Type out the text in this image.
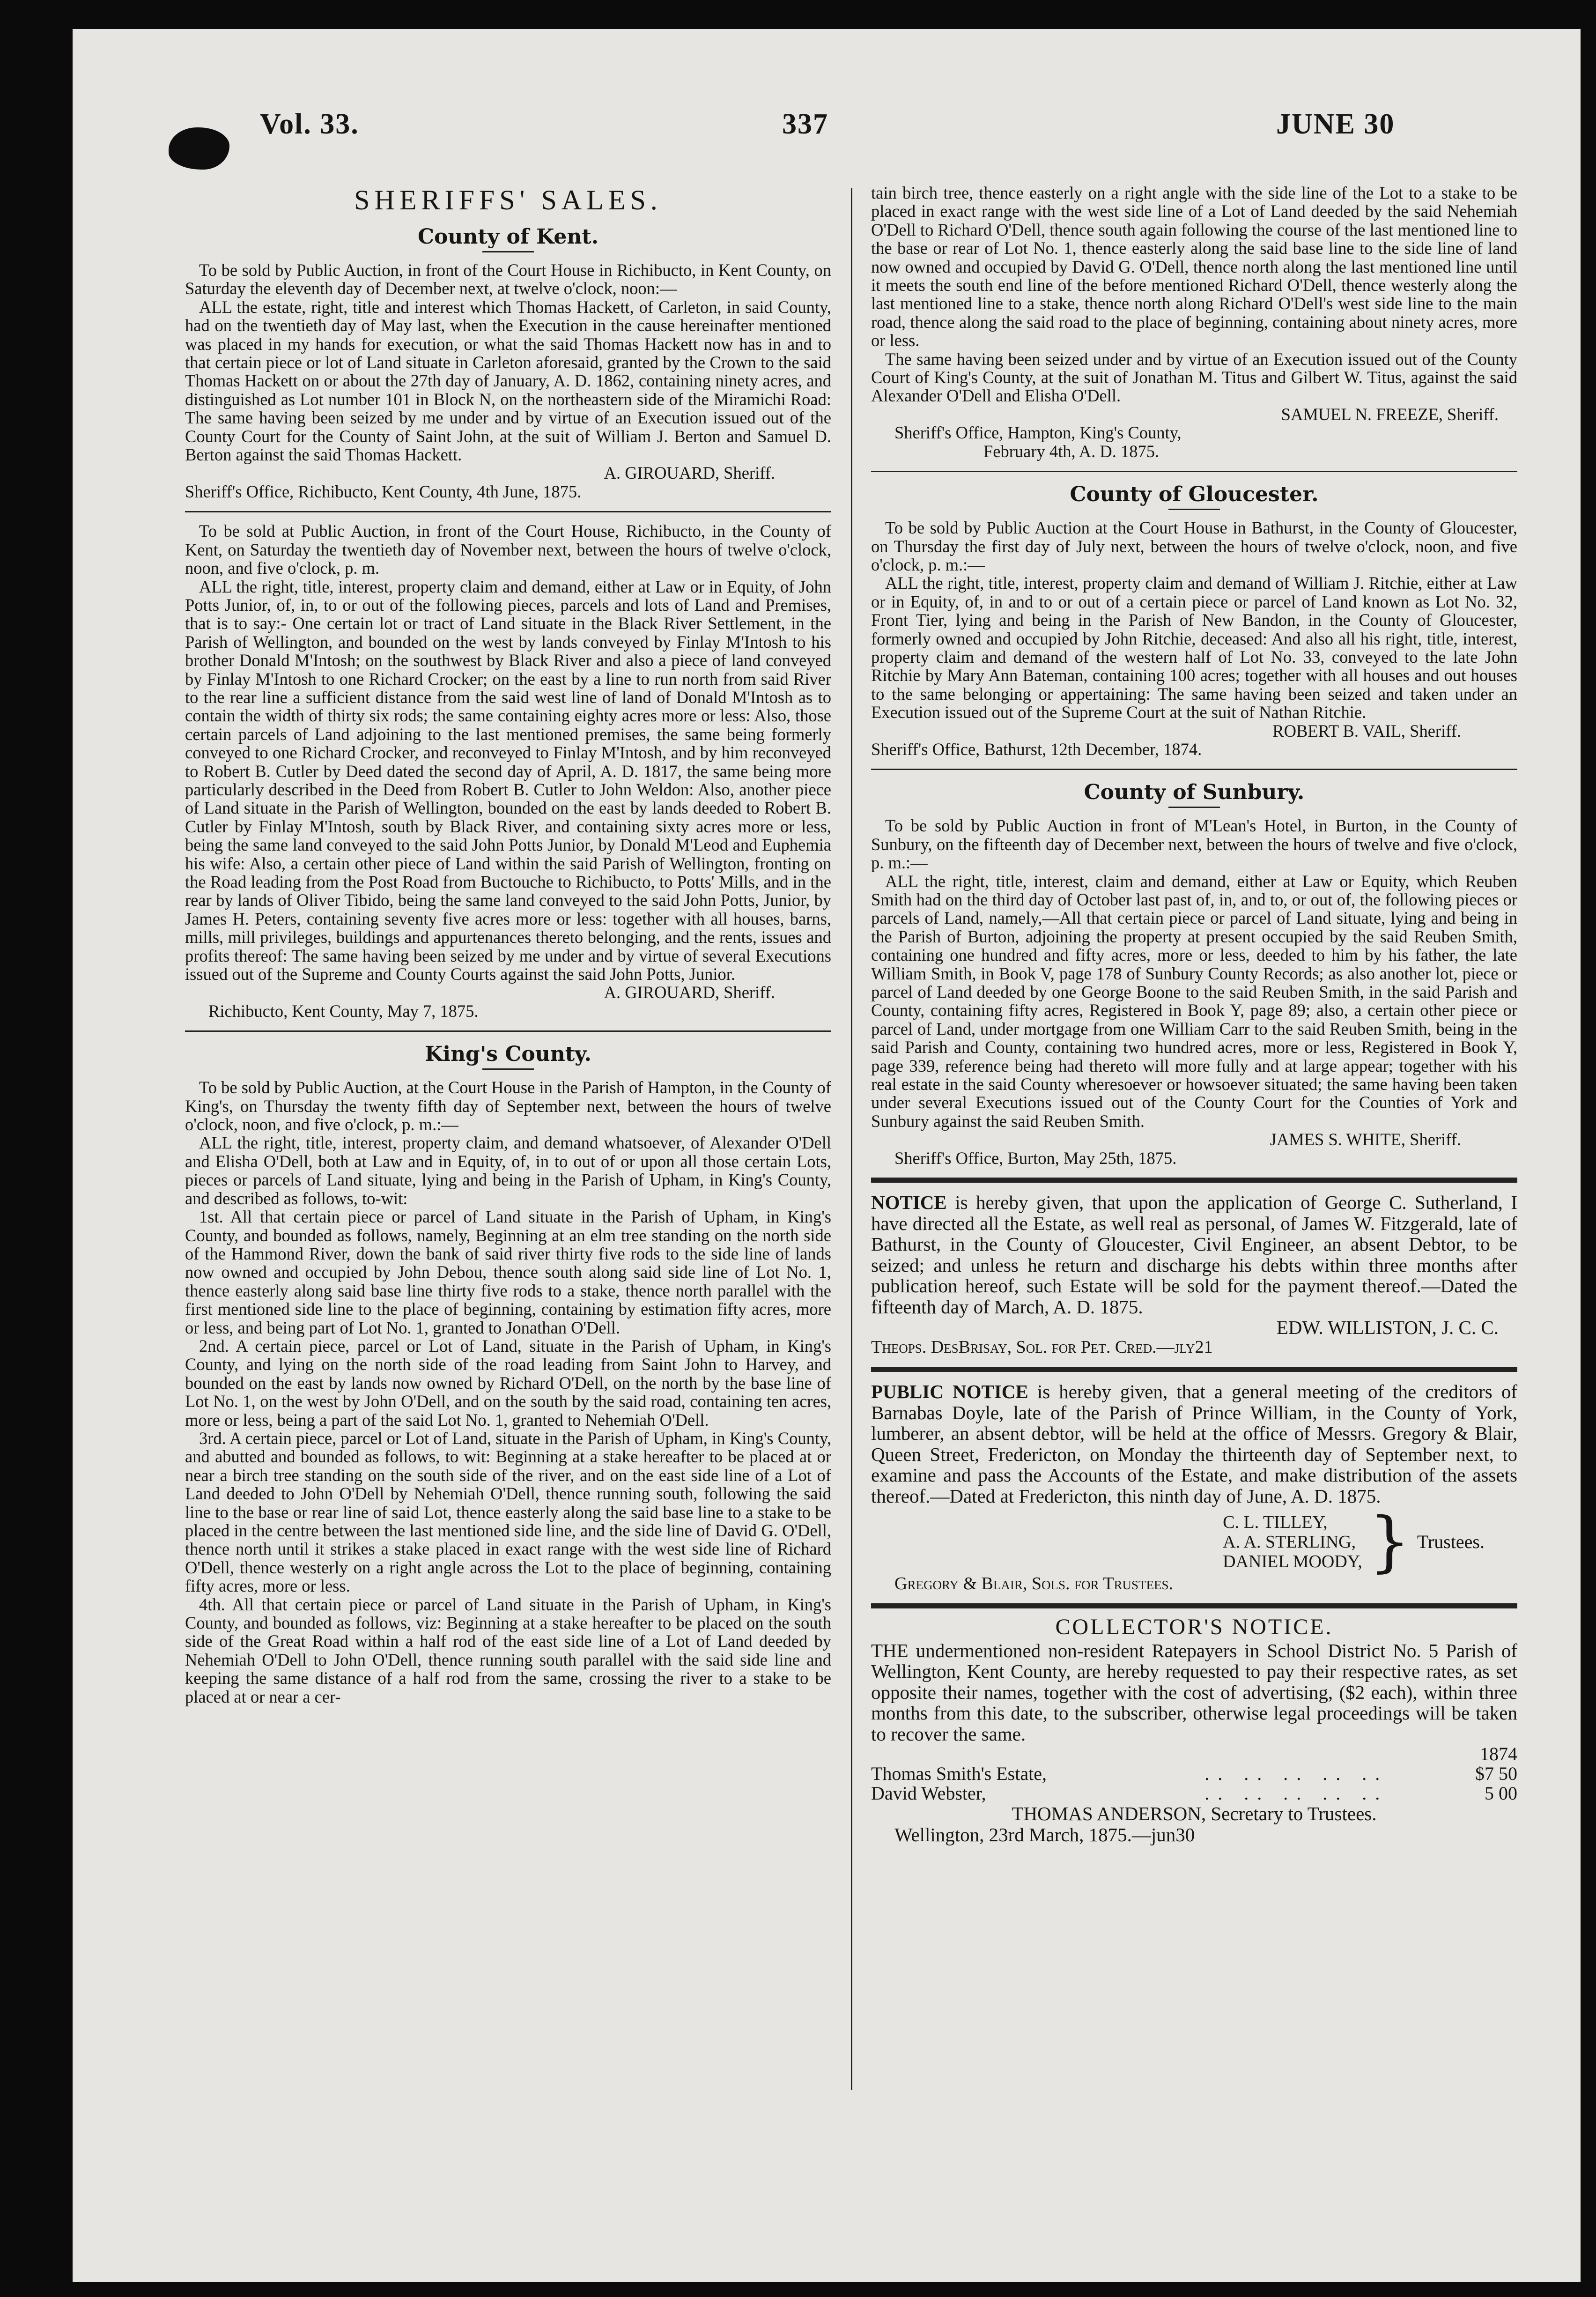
Vol. 33.	337	JUNE 30
SHERIFFS' SALES.
County of Kent.

To be sold by Public Auction, in front of the Court House in Richibucto, in Kent County, on Saturday the eleventh day of December next, at twelve o'clock, noon:—

ALL the estate, right, title and interest which Thomas Hackett, of Carleton, in said County, had on the twentieth day of May last, when the Execution in the cause hereinafter mentioned was placed in my hands for execution, or what the said Thomas Hackett now has in and to that certain piece or lot of Land situate in Carleton aforesaid, granted by the Crown to the said Thomas Hackett on or about the 27th day of January, A. D. 1862, containing ninety acres, and distinguished as Lot number 101 in Block N, on the northeastern side of the Miramichi Road: The same having been seized by me under and by virtue of an Execution issued out of the County Court for the County of Saint John, at the suit of William J. Berton and Samuel D. Berton against the said Thomas Hackett.

A. GIROUARD, Sheriff.

Sheriff's Office, Richibucto, Kent County, 4th June, 1875.

To be sold at Public Auction, in front of the Court House, Richibucto, in the County of Kent, on Saturday the twentieth day of November next, between the hours of twelve o'clock, noon, and five o'clock, p. m.

ALL the right, title, interest, property claim and demand, either at Law or in Equity, of John Potts Junior, of, in, to or out of the following pieces, parcels and lots of Land and Premises, that is to say:- One certain lot or tract of Land situate in the Black River Settlement, in the Parish of Wellington, and bounded on the west by lands conveyed by Finlay M'Intosh to his brother Donald M'Intosh; on the southwest by Black River and also a piece of land conveyed by Finlay M'Intosh to one Richard Crocker; on the east by a line to run north from said River to the rear line a sufficient distance from the said west line of land of Donald M'Intosh as to contain the width of thirty six rods; the same containing eighty acres more or less: Also, those certain parcels of Land adjoining to the last mentioned premises, the same being formerly conveyed to one Richard Crocker, and reconveyed to Finlay M'Intosh, and by him reconveyed to Robert B. Cutler by Deed dated the second day of April, A. D. 1817, the same being more particularly described in the Deed from Robert B. Cutler to John Weldon: Also, another piece of Land situate in the Parish of Wellington, bounded on the east by lands deeded to Robert B. Cutler by Finlay M'Intosh, south by Black River, and containing sixty acres more or less, being the same land conveyed to the said John Potts Junior, by Donald M'Leod and Euphemia his wife: Also, a certain other piece of Land within the said Parish of Wellington, fronting on the Road leading from the Post Road from Buctouche to Richibucto, to Potts' Mills, and in the rear by lands of Oliver Tibido, being the same land conveyed to the said John Potts, Junior, by James H. Peters, containing seventy five acres more or less: together with all houses, barns, mills, mill privileges, buildings and appurtenances thereto belonging, and the rents, issues and profits thereof: The same having been seized by me under and by virtue of several Executions issued out of the Supreme and County Courts against the said John Potts, Junior.

A. GIROUARD, Sheriff.

Richibucto, Kent County, May 7, 1875.

King's County.

To be sold by Public Auction, at the Court House in the Parish of Hampton, in the County of King's, on Thursday the twenty fifth day of September next, between the hours of twelve o'clock, noon, and five o'clock, p. m.:—

ALL the right, title, interest, property claim, and demand whatsoever, of Alexander O'Dell and Elisha O'Dell, both at Law and in Equity, of, in to out of or upon all those certain Lots, pieces or parcels of Land situate, lying and being in the Parish of Upham, in King's County, and described as follows, to-wit:

1st. All that certain piece or parcel of Land situate in the Parish of Upham, in King's County, and bounded as follows, namely, Beginning at an elm tree standing on the north side of the Hammond River, down the bank of said river thirty five rods to the side line of lands now owned and occupied by John Debou, thence south along said side line of Lot No. 1, thence easterly along said base line thirty five rods to a stake, thence north parallel with the first mentioned side line to the place of beginning, containing by estimation fifty acres, more or less, and being part of Lot No. 1, granted to Jonathan O'Dell.

2nd. A certain piece, parcel or Lot of Land, situate in the Parish of Upham, in King's County, and lying on the north side of the road leading from Saint John to Harvey, and bounded on the east by lands now owned by Richard O'Dell, on the north by the base line of Lot No. 1, on the west by John O'Dell, and on the south by the said road, containing ten acres, more or less, being a part of the said Lot No. 1, granted to Nehemiah O'Dell.

3rd. A certain piece, parcel or Lot of Land, situate in the Parish of Upham, in King's County, and abutted and bounded as follows, to wit: Beginning at a stake hereafter to be placed at or near a birch tree standing on the south side of the river, and on the east side line of a Lot of Land deeded to John O'Dell by Nehemiah O'Dell, thence running south, following the said line to the base or rear line of said Lot, thence easterly along the said base line to a stake to be placed in the centre between the last mentioned side line, and the side line of David G. O'Dell, thence north until it strikes a stake placed in exact range with the west side line of Richard O'Dell, thence westerly on a right angle across the Lot to the place of beginning, containing fifty acres, more or less.

4th. All that certain piece or parcel of Land situate in the Parish of Upham, in King's County, and bounded as follows, viz: Beginning at a stake hereafter to be placed on the south side of the Great Road within a half rod of the east side line of a Lot of Land deeded by Nehemiah O'Dell to John O'Dell, thence running south parallel with the said side line and keeping the same distance of a half rod from the same, crossing the river to a stake to be placed at or near a cer-

tain birch tree, thence easterly on a right angle with the side line of the Lot to a stake to be placed in exact range with the west side line of a Lot of Land deeded by the said Nehemiah O'Dell to Richard O'Dell, thence south again following the course of the last mentioned line to the base or rear of Lot No. 1, thence easterly along the said base line to the side line of land now owned and occupied by David G. O'Dell, thence north along the last mentioned line until it meets the south end line of the before mentioned Richard O'Dell, thence westerly along the last mentioned line to a stake, thence north along Richard O'Dell's west side line to the main road, thence along the said road to the place of beginning, containing about ninety acres, more or less.

The same having been seized under and by virtue of an Execution issued out of the County Court of King's County, at the suit of Jonathan M. Titus and Gilbert W. Titus, against the said Alexander O'Dell and Elisha O'Dell.

SAMUEL N. FREEZE, Sheriff.

Sheriff's Office, Hampton, King's County,

February 4th, A. D. 1875.

County of Gloucester.

To be sold by Public Auction at the Court House in Bathurst, in the County of Gloucester, on Thursday the first day of July next, between the hours of twelve o'clock, noon, and five o'clock, p. m.:—

ALL the right, title, interest, property claim and demand of William J. Ritchie, either at Law or in Equity, of, in and to or out of a certain piece or parcel of Land known as Lot No. 32, Front Tier, lying and being in the Parish of New Bandon, in the County of Gloucester, formerly owned and occupied by John Ritchie, deceased: And also all his right, title, interest, property claim and demand of the western half of Lot No. 33, conveyed to the late John Ritchie by Mary Ann Bateman, containing 100 acres; together with all houses and out houses to the same belonging or appertaining: The same having been seized and taken under an Execution issued out of the Supreme Court at the suit of Nathan Ritchie.

ROBERT B. VAIL, Sheriff.

Sheriff's Office, Bathurst, 12th December, 1874.

County of Sunbury.

To be sold by Public Auction in front of M'Lean's Hotel, in Burton, in the County of Sunbury, on the fifteenth day of December next, between the hours of twelve and five o'clock, p. m.:—

ALL the right, title, interest, claim and demand, either at Law or Equity, which Reuben Smith had on the third day of October last past of, in, and to, or out of, the following pieces or parcels of Land, namely,—All that certain piece or parcel of Land situate, lying and being in the Parish of Burton, adjoining the property at present occupied by the said Reuben Smith, containing one hundred and fifty acres, more or less, deeded to him by his father, the late William Smith, in Book V, page 178 of Sunbury County Records; as also another lot, piece or parcel of Land deeded by one George Boone to the said Reuben Smith, in the said Parish and County, containing fifty acres, Registered in Book Y, page 89; also, a certain other piece or parcel of Land, under mortgage from one William Carr to the said Reuben Smith, being in the said Parish and County, containing two hundred acres, more or less, Registered in Book Y, page 339, reference being had thereto will more fully and at large appear; together with his real estate in the said County wheresoever or howsoever situated; the same having been taken under several Executions issued out of the County Court for the Counties of York and Sunbury against the said Reuben Smith.

JAMES S. WHITE, Sheriff.

Sheriff's Office, Burton, May 25th, 1875.

NOTICE is hereby given, that upon the application of George C. Sutherland, I have directed all the Estate, as well real as personal, of James W. Fitzgerald, late of Bathurst, in the County of Gloucester, Civil Engineer, an absent Debtor, to be seized; and unless he return and discharge his debts within three months after publication hereof, such Estate will be sold for the payment thereof.—Dated the fifteenth day of March, A. D. 1875.

EDW. WILLISTON, J. C. C.

Theops. DesBrisay, Sol. for Pet. Cred.—jly21

PUBLIC NOTICE is hereby given, that a general meeting of the creditors of Barnabas Doyle, late of the Parish of Prince William, in the County of York, lumberer, an absent debtor, will be held at the office of Messrs. Gregory & Blair, Queen Street, Fredericton, on Monday the thirteenth day of September next, to examine and pass the Accounts of the Estate, and make distribution of the assets thereof.—Dated at Fredericton, this ninth day of June, A. D. 1875.

C. L. TILLEY,
A. A. STERLING,
DANIEL MOODY, } Trustees.

Gregory & Blair, Sols. for Trustees.

COLLECTOR'S NOTICE.

THE undermentioned non-resident Ratepayers in School District No. 5 Parish of Wellington, Kent County, are hereby requested to pay their respective rates, as set opposite their names, together with the cost of advertising, ($2 each), within three months from this date, to the subscriber, otherwise legal proceedings will be taken to recover the same.

		1874
Thomas Smith's Estate,	.. .. .. .. ..	$7 50
David Webster,	.. .. .. .. ..	5 00

THOMAS ANDERSON, Secretary to Trustees.

Wellington, 23rd March, 1875.—jun30
